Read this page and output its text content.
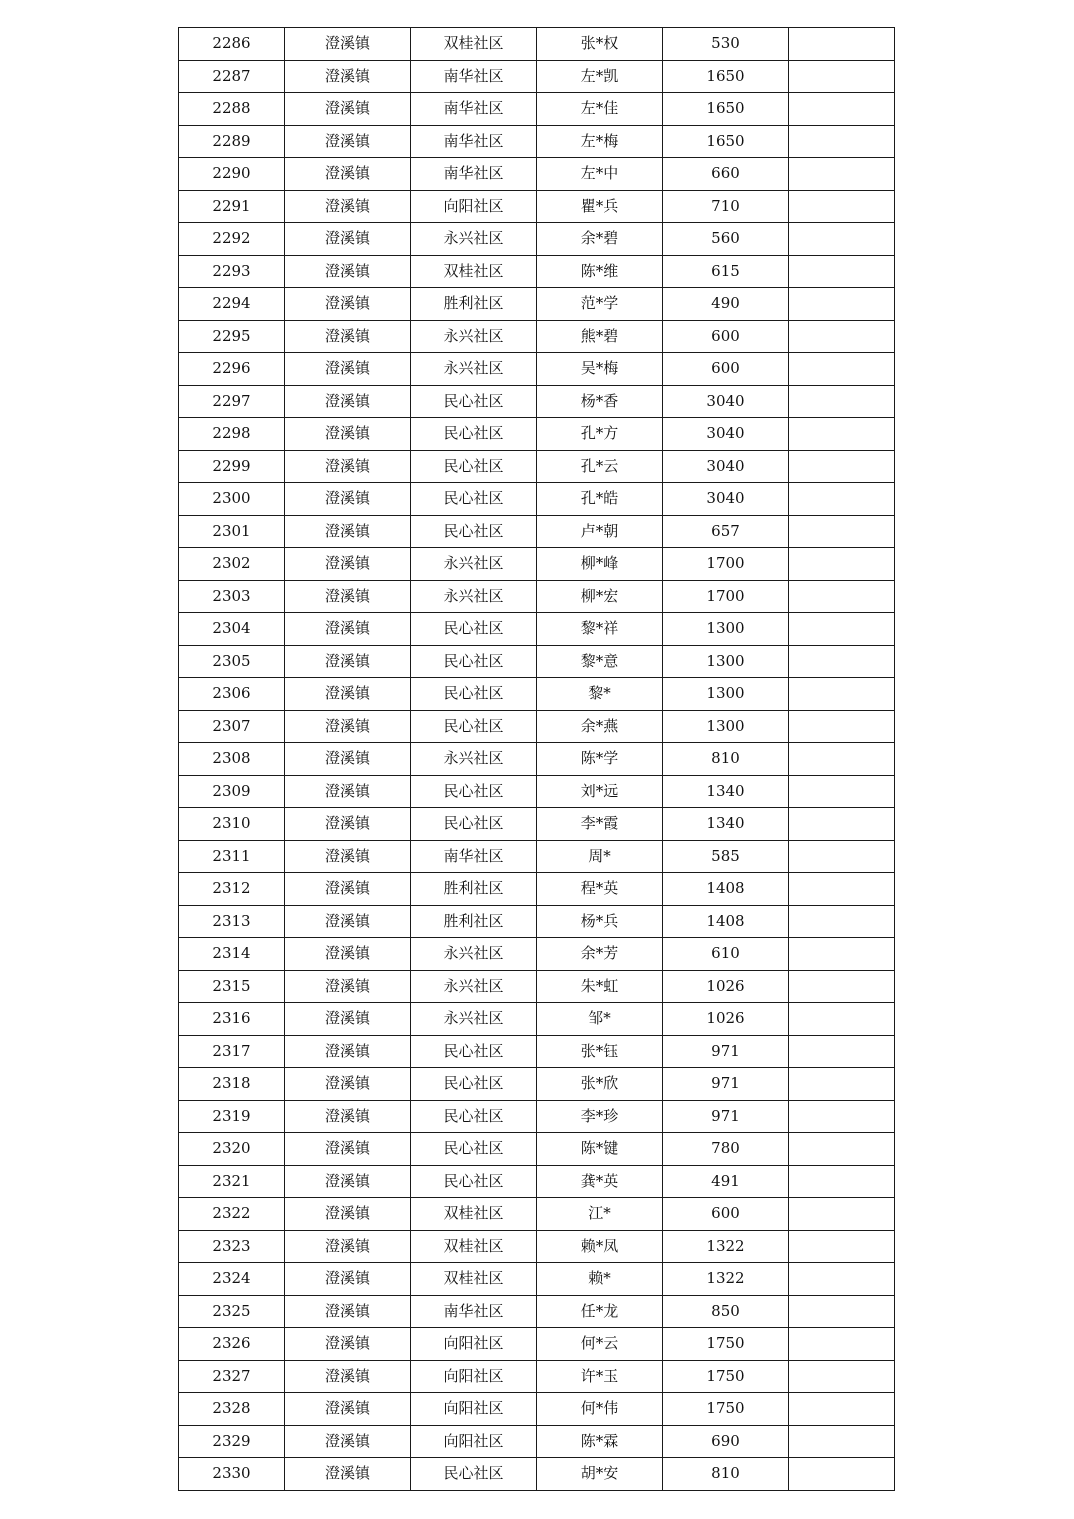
2286	澄溪镇	双桂社区	张*权	530	
2287	澄溪镇	南华社区	左*凯	1650	
2288	澄溪镇	南华社区	左*佳	1650	
2289	澄溪镇	南华社区	左*梅	1650	
2290	澄溪镇	南华社区	左*中	660	
2291	澄溪镇	向阳社区	瞿*兵	710	
2292	澄溪镇	永兴社区	余*碧	560	
2293	澄溪镇	双桂社区	陈*维	615	
2294	澄溪镇	胜利社区	范*学	490	
2295	澄溪镇	永兴社区	熊*碧	600	
2296	澄溪镇	永兴社区	吴*梅	600	
2297	澄溪镇	民心社区	杨*香	3040	
2298	澄溪镇	民心社区	孔*方	3040	
2299	澄溪镇	民心社区	孔*云	3040	
2300	澄溪镇	民心社区	孔*皓	3040	
2301	澄溪镇	民心社区	卢*朝	657	
2302	澄溪镇	永兴社区	柳*峰	1700	
2303	澄溪镇	永兴社区	柳*宏	1700	
2304	澄溪镇	民心社区	黎*祥	1300	
2305	澄溪镇	民心社区	黎*意	1300	
2306	澄溪镇	民心社区	黎*	1300	
2307	澄溪镇	民心社区	余*燕	1300	
2308	澄溪镇	永兴社区	陈*学	810	
2309	澄溪镇	民心社区	刘*远	1340	
2310	澄溪镇	民心社区	李*霞	1340	
2311	澄溪镇	南华社区	周*	585	
2312	澄溪镇	胜利社区	程*英	1408	
2313	澄溪镇	胜利社区	杨*兵	1408	
2314	澄溪镇	永兴社区	余*芳	610	
2315	澄溪镇	永兴社区	朱*虹	1026	
2316	澄溪镇	永兴社区	邹*	1026	
2317	澄溪镇	民心社区	张*钰	971	
2318	澄溪镇	民心社区	张*欣	971	
2319	澄溪镇	民心社区	李*珍	971	
2320	澄溪镇	民心社区	陈*键	780	
2321	澄溪镇	民心社区	龚*英	491	
2322	澄溪镇	双桂社区	江*	600	
2323	澄溪镇	双桂社区	赖*凤	1322	
2324	澄溪镇	双桂社区	赖*	1322	
2325	澄溪镇	南华社区	任*龙	850	
2326	澄溪镇	向阳社区	何*云	1750	
2327	澄溪镇	向阳社区	许*玉	1750	
2328	澄溪镇	向阳社区	何*伟	1750	
2329	澄溪镇	向阳社区	陈*霖	690	
2330	澄溪镇	民心社区	胡*安	810	
